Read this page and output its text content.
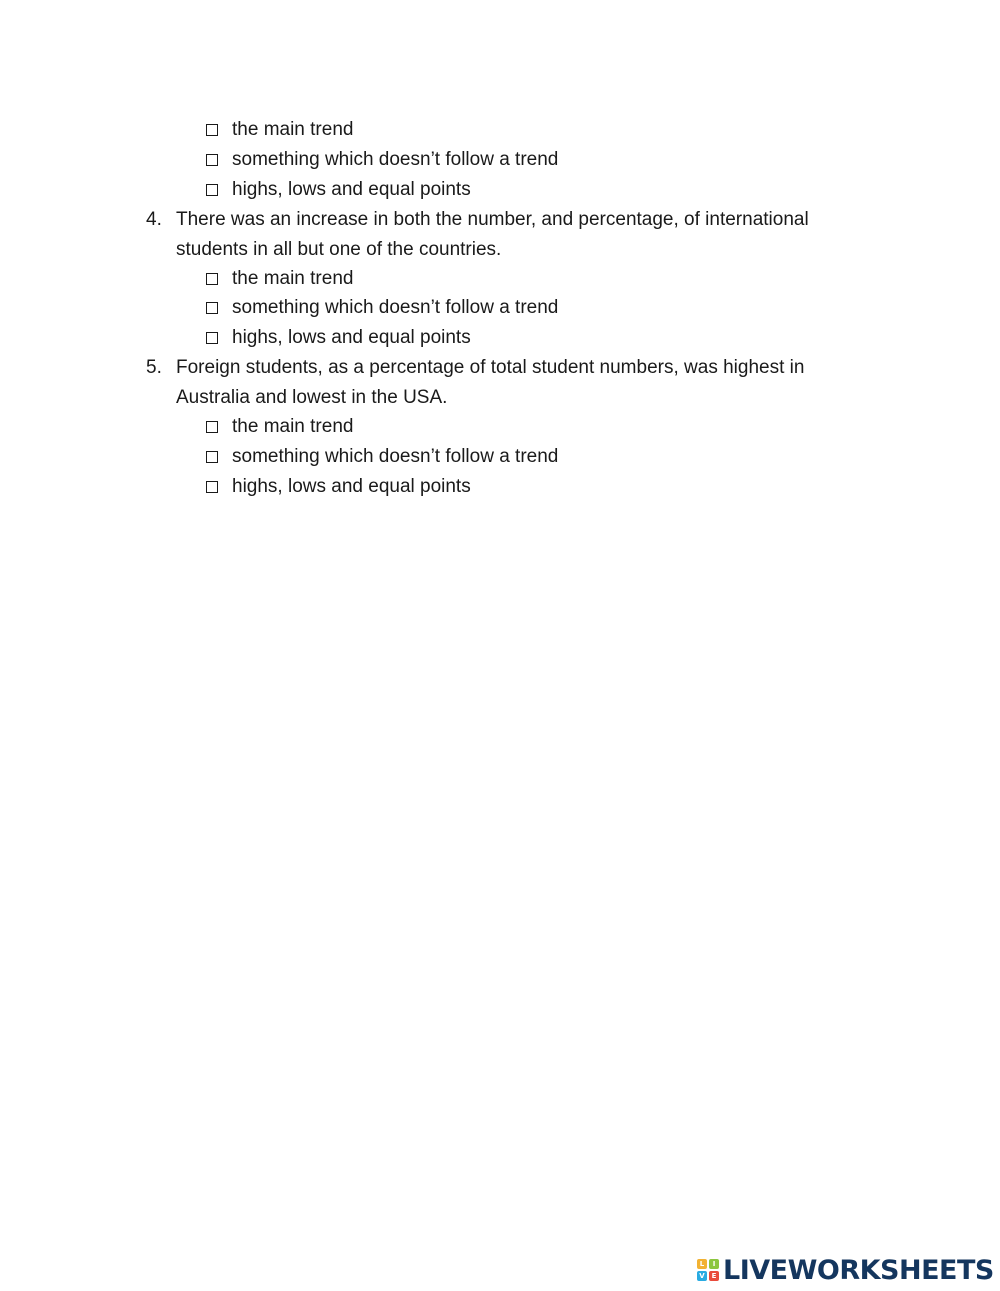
the main trend
something which doesn’t follow a trend
highs, lows and equal points
4. There was an increase in both the number, and percentage, of international
students in all but one of the countries.
the main trend
something which doesn’t follow a trend
highs, lows and equal points
5. Foreign students, as a percentage of total student numbers, was highest in
Australia and lowest in the USA.
the main trend
something which doesn’t follow a trend
highs, lows and equal points
L	I
V E LIVEWORKSHEETS
